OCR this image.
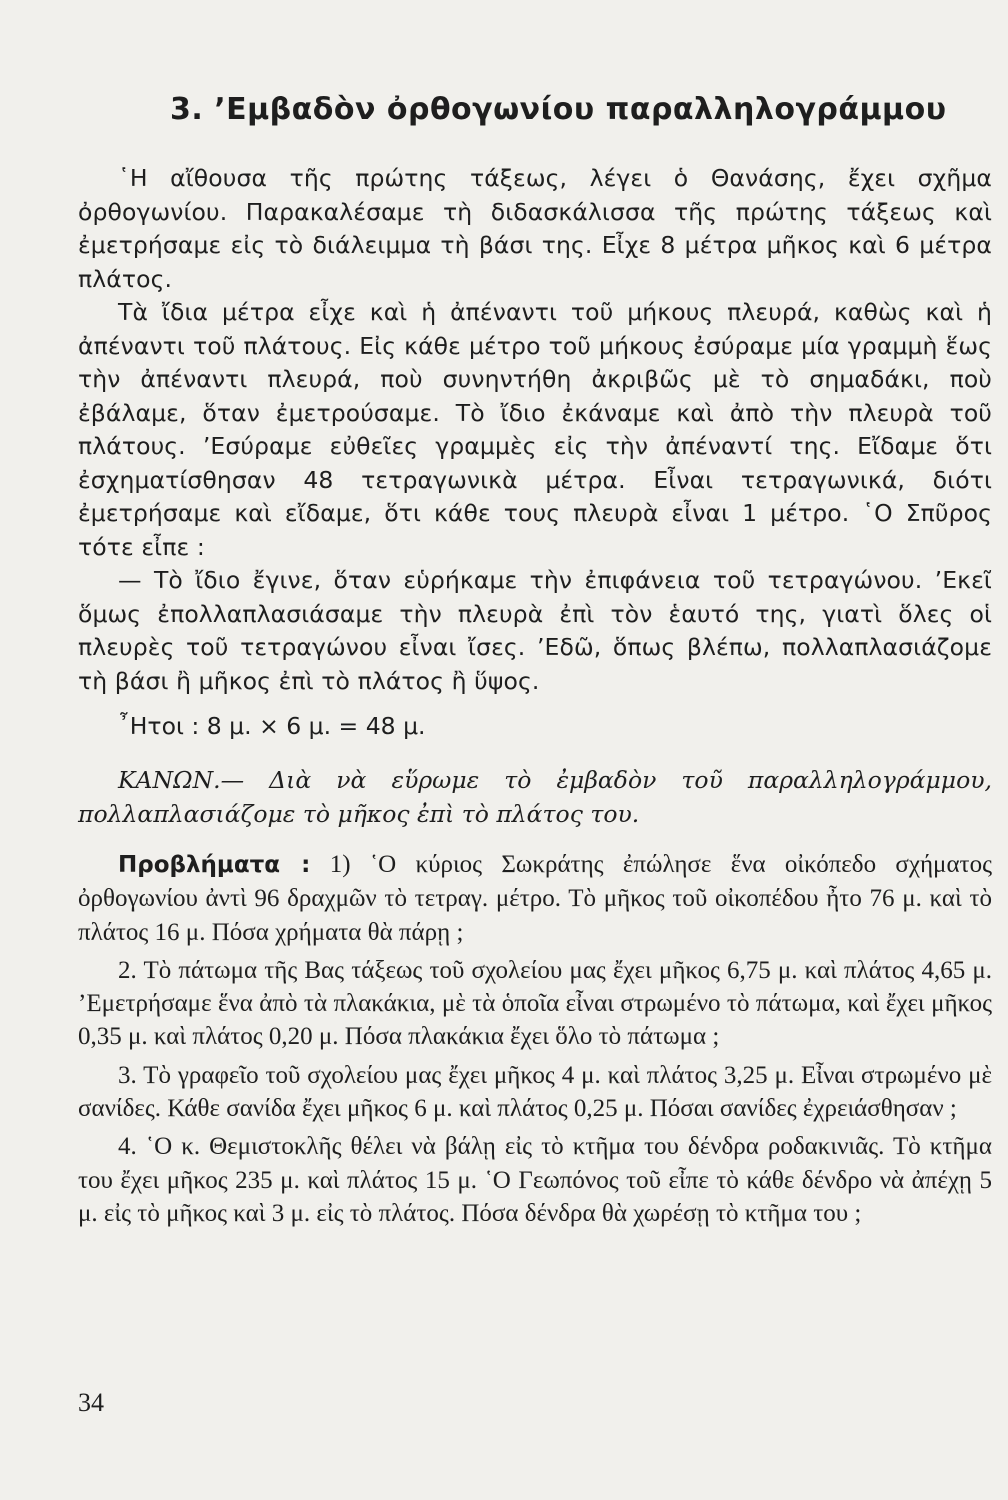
3. ’Εμβαδὸν ὀρθογωνίου παραλληλογράμμου

῾Η αἴθουσα τῆς πρώτης τάξεως, λέγει ὁ Θανάσης, ἔχει σχῆμα ὀρθογωνίου. Παρακαλέσαμε τὴ διδασκάλισσα τῆς πρώτης τάξεως καὶ ἐμετρήσαμε εἰς τὸ διάλειμμα τὴ βάσι της. Εἶχε 8 μέτρα μῆκος καὶ 6 μέτρα πλάτος.

Τὰ ἴδια μέτρα εἶχε καὶ ἡ ἀπέναντι τοῦ μήκους πλευρά, καθὼς καὶ ἡ ἀπέναντι τοῦ πλάτους. Εἰς κάθε μέτρο τοῦ μήκους ἐσύραμε μία γραμμὴ ἕως τὴν ἀπέναντι πλευρά, ποὺ συνηντήθη ἀκριβῶς μὲ τὸ σημαδάκι, ποὺ ἐβάλαμε, ὅταν ἐμετρούσαμε. Τὸ ἴδιο ἐκάναμε καὶ ἀπὸ τὴν πλευρὰ τοῦ πλάτους. ’Εσύραμε εὐθεῖες γραμμὲς εἰς τὴν ἀπέναντί της. Εἴδαμε ὅτι ἐσχηματίσθησαν 48 τετραγωνικὰ μέτρα. Εἶναι τετραγωνικά, διότι ἐμετρήσαμε καὶ εἴδαμε, ὅτι κάθε τους πλευρὰ εἶναι 1 μέτρο. ῾Ο Σπῦρος τότε εἶπε :

— Τὸ ἴδιο ἔγινε, ὅταν εὑρήκαμε τὴν ἐπιφάνεια τοῦ τετραγώνου. ’Εκεῖ ὅμως ἐπολλαπλασιάσαμε τὴν πλευρὰ ἐπὶ τὸν ἑαυτό της, γιατὶ ὅλες οἱ πλευρὲς τοῦ τετραγώνου εἶναι ἴσες. ’Εδῶ, ὅπως βλέπω, πολλαπλασιάζομε τὴ βάσι ἢ μῆκος ἐπὶ τὸ πλάτος ἢ ὕψος.

῏Ητοι : 8 μ. × 6 μ. = 48 μ.
ΚΑΝΩΝ.— Διὰ νὰ εὕρωμε τὸ ἐμβαδὸν τοῦ παραλληλογράμμου, πολλαπλασιάζομε τὸ μῆκος ἐπὶ τὸ πλάτος του.

Προβλήματα : 1) ῾Ο κύριος Σωκράτης ἐπώλησε ἕνα οἰκόπεδο σχήματος ὀρθογωνίου ἀντὶ 96 δραχμῶν τὸ τετραγ. μέτρο. Τὸ μῆκος τοῦ οἰκοπέδου ἦτο 76 μ. καὶ τὸ πλάτος 16 μ. Πόσα χρήματα θὰ πάρῃ ;

2. Τὸ πάτωμα τῆς Βας τάξεως τοῦ σχολείου μας ἔχει μῆκος 6,75 μ. καὶ πλάτος 4,65 μ. ’Εμετρήσαμε ἕνα ἀπὸ τὰ πλακάκια, μὲ τὰ ὁποῖα εἶναι στρωμένο τὸ πάτωμα, καὶ ἔχει μῆκος 0,35 μ. καὶ πλάτος 0,20 μ. Πόσα πλακάκια ἔχει ὅλο τὸ πάτωμα ;

3. Τὸ γραφεῖο τοῦ σχολείου μας ἔχει μῆκος 4 μ. καὶ πλάτος 3,25 μ. Εἶναι στρωμένο μὲ σανίδες. Κάθε σανίδα ἔχει μῆκος 6 μ. καὶ πλάτος 0,25 μ. Πόσαι σανίδες ἐχρειάσθησαν ;

4. ῾Ο κ. Θεμιστοκλῆς θέλει νὰ βάλῃ εἰς τὸ κτῆμα του δένδρα ροδακινιᾶς. Τὸ κτῆμα του ἔχει μῆκος 235 μ. καὶ πλάτος 15 μ. ῾Ο Γεωπόνος τοῦ εἶπε τὸ κάθε δένδρο νὰ ἀπέχῃ 5 μ. εἰς τὸ μῆκος καὶ 3 μ. εἰς τὸ πλάτος. Πόσα δένδρα θὰ χωρέσῃ τὸ κτῆμα του ;

34
